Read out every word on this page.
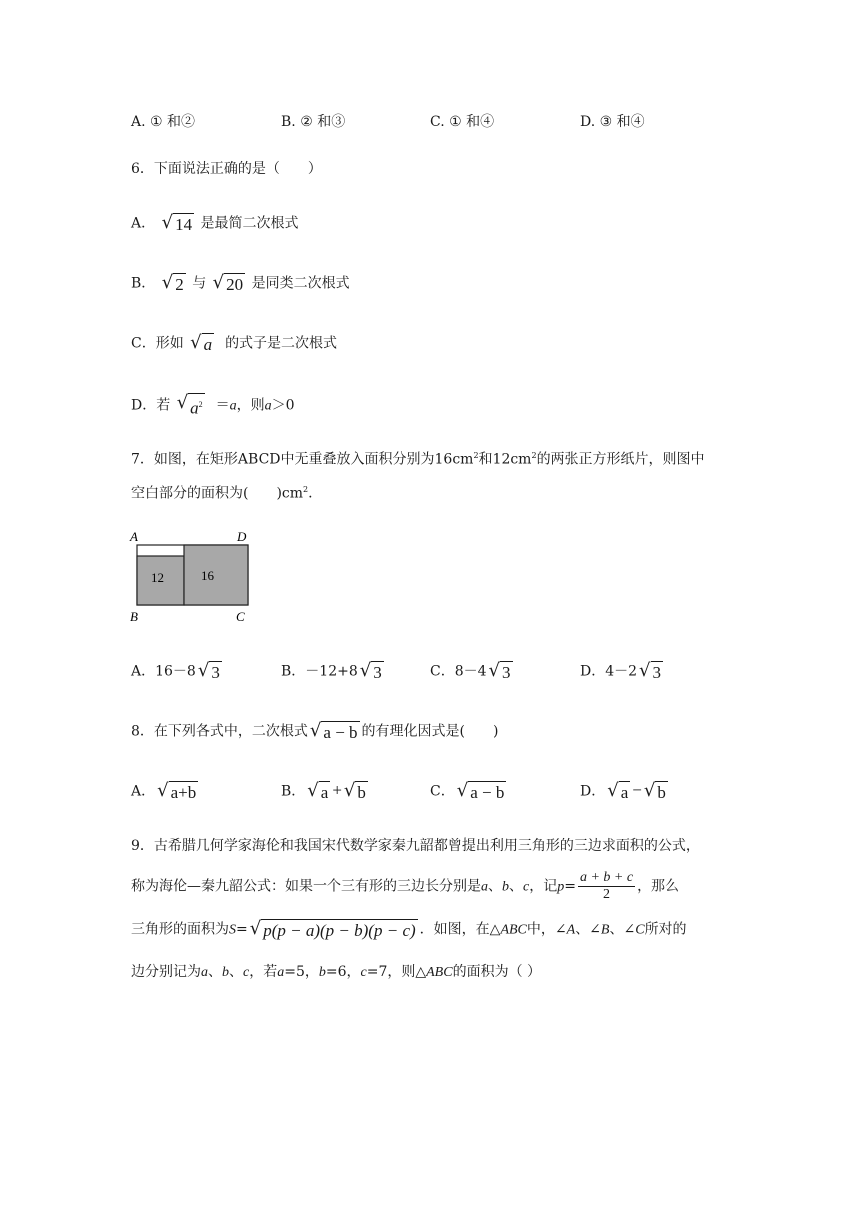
A. ① 和②	B. ② 和③	C. ① 和④	D. ③ 和④
6．下面说法正确的是（　　）
A． √ 14 是最简二次根式
B． √ 2 与 √ 20 是同类二次根式
C．形如 √ a 的式子是二次根式
D．若 √ $a^2 =a$，则a＞0
7．如图，在矩形ABCD中无重叠放入面积分别为$16cm^2$和$12cm^2$的两张正方形纸片，则图中
空白部分的面积为(　　)$cm^2$.
12	16
A	D
B	C
A．16－8 √ 3	B．－12+8 √ 3	C．8－4 √ 3	D．4－2 √ 3
8．在下列各式中，二次根式 √ a − b 的有理化因式是(　　)
A． √ a+b	B． √ a + √ b	C． √ a − b	D． √ a − √ b
9．古希腊几何学家海伦和我国宋代数学家秦九韶都曾提出利用三角形的三边求面积的公式，
称为海伦—秦九韶公式：如果一个三有形的三边长分别是a、b、c，记$p= \frac{a + b + c}{2}$ ，那么
三角形的面积为S= √ p(p − a)(p − b)(p − c) ．如图，在△ABC中，∠A、∠B、∠C所对的
边分别记为a、b、c，若a=5，b=6，c=7，则△ABC的面积为（ ）
